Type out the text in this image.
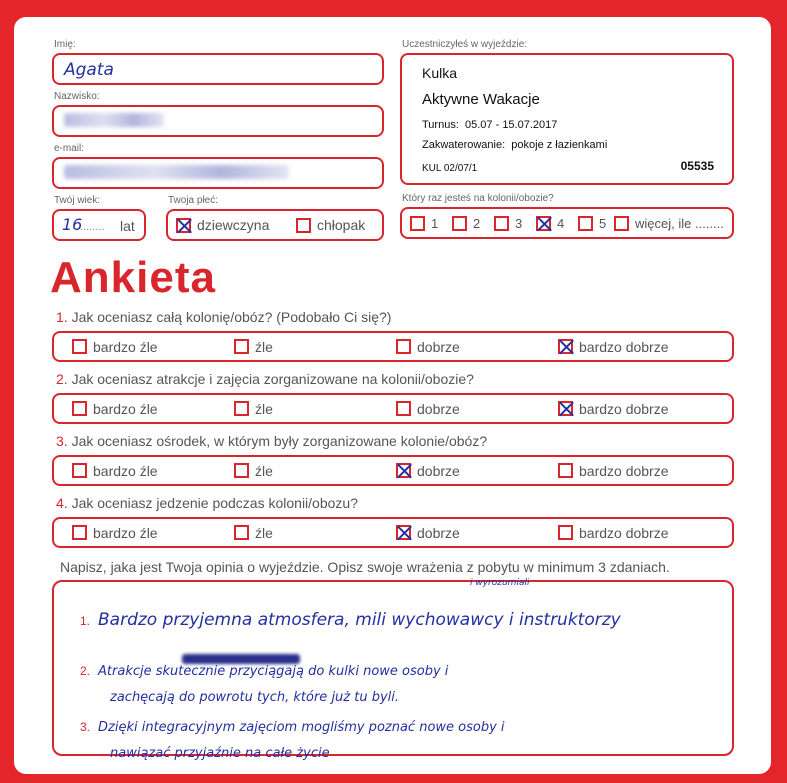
Imię:
Agata
Nazwisko:
e-mail:
Twój wiek:
16
........ lat
Twoja płeć:
dziewczyna	chłopak
Uczestniczyłeś w wyjeździe:
Kulka
Aktywne Wakacje
Turnus: 05.07 - 15.07.2017
Zakwaterowanie: pokoje z łazienkami
KUL 02/07/1	05535
Który raz jesteś na kolonii/obozie?
1	2	3	4	5 więcej, ile ........
Ankieta
1. Jak oceniasz całą kolonię/obóz? (Podobało Ci się?)
bardzo źle	źle	dobrze	bardzo dobrze
2. Jak oceniasz atrakcje i zajęcia zorganizowane na kolonii/obozie?
bardzo źle	źle	dobrze	bardzo dobrze
3. Jak oceniasz ośrodek, w którym były zorganizowane kolonie/obóz?
bardzo źle	źle	dobrze	bardzo dobrze
4. Jak oceniasz jedzenie podczas kolonii/obozu?
bardzo źle	źle	dobrze	bardzo dobrze
Napisz, jaka jest Twoja opinia o wyjeździe. Opisz swoje wrażenia z pobytu w minimum 3 zdaniach.
i wyrozumiali
1. Bardzo przyjemna atmosfera, mili wychowawcy i instruktorzy
2. Atrakcje skutecznie przyciągają do kulki nowe osoby i
zachęcają do powrotu tych, które już tu byli.
3. Dzięki integracyjnym zajęciom mogliśmy poznać nowe osoby i
nawiązać przyjaźnie na całe życie
